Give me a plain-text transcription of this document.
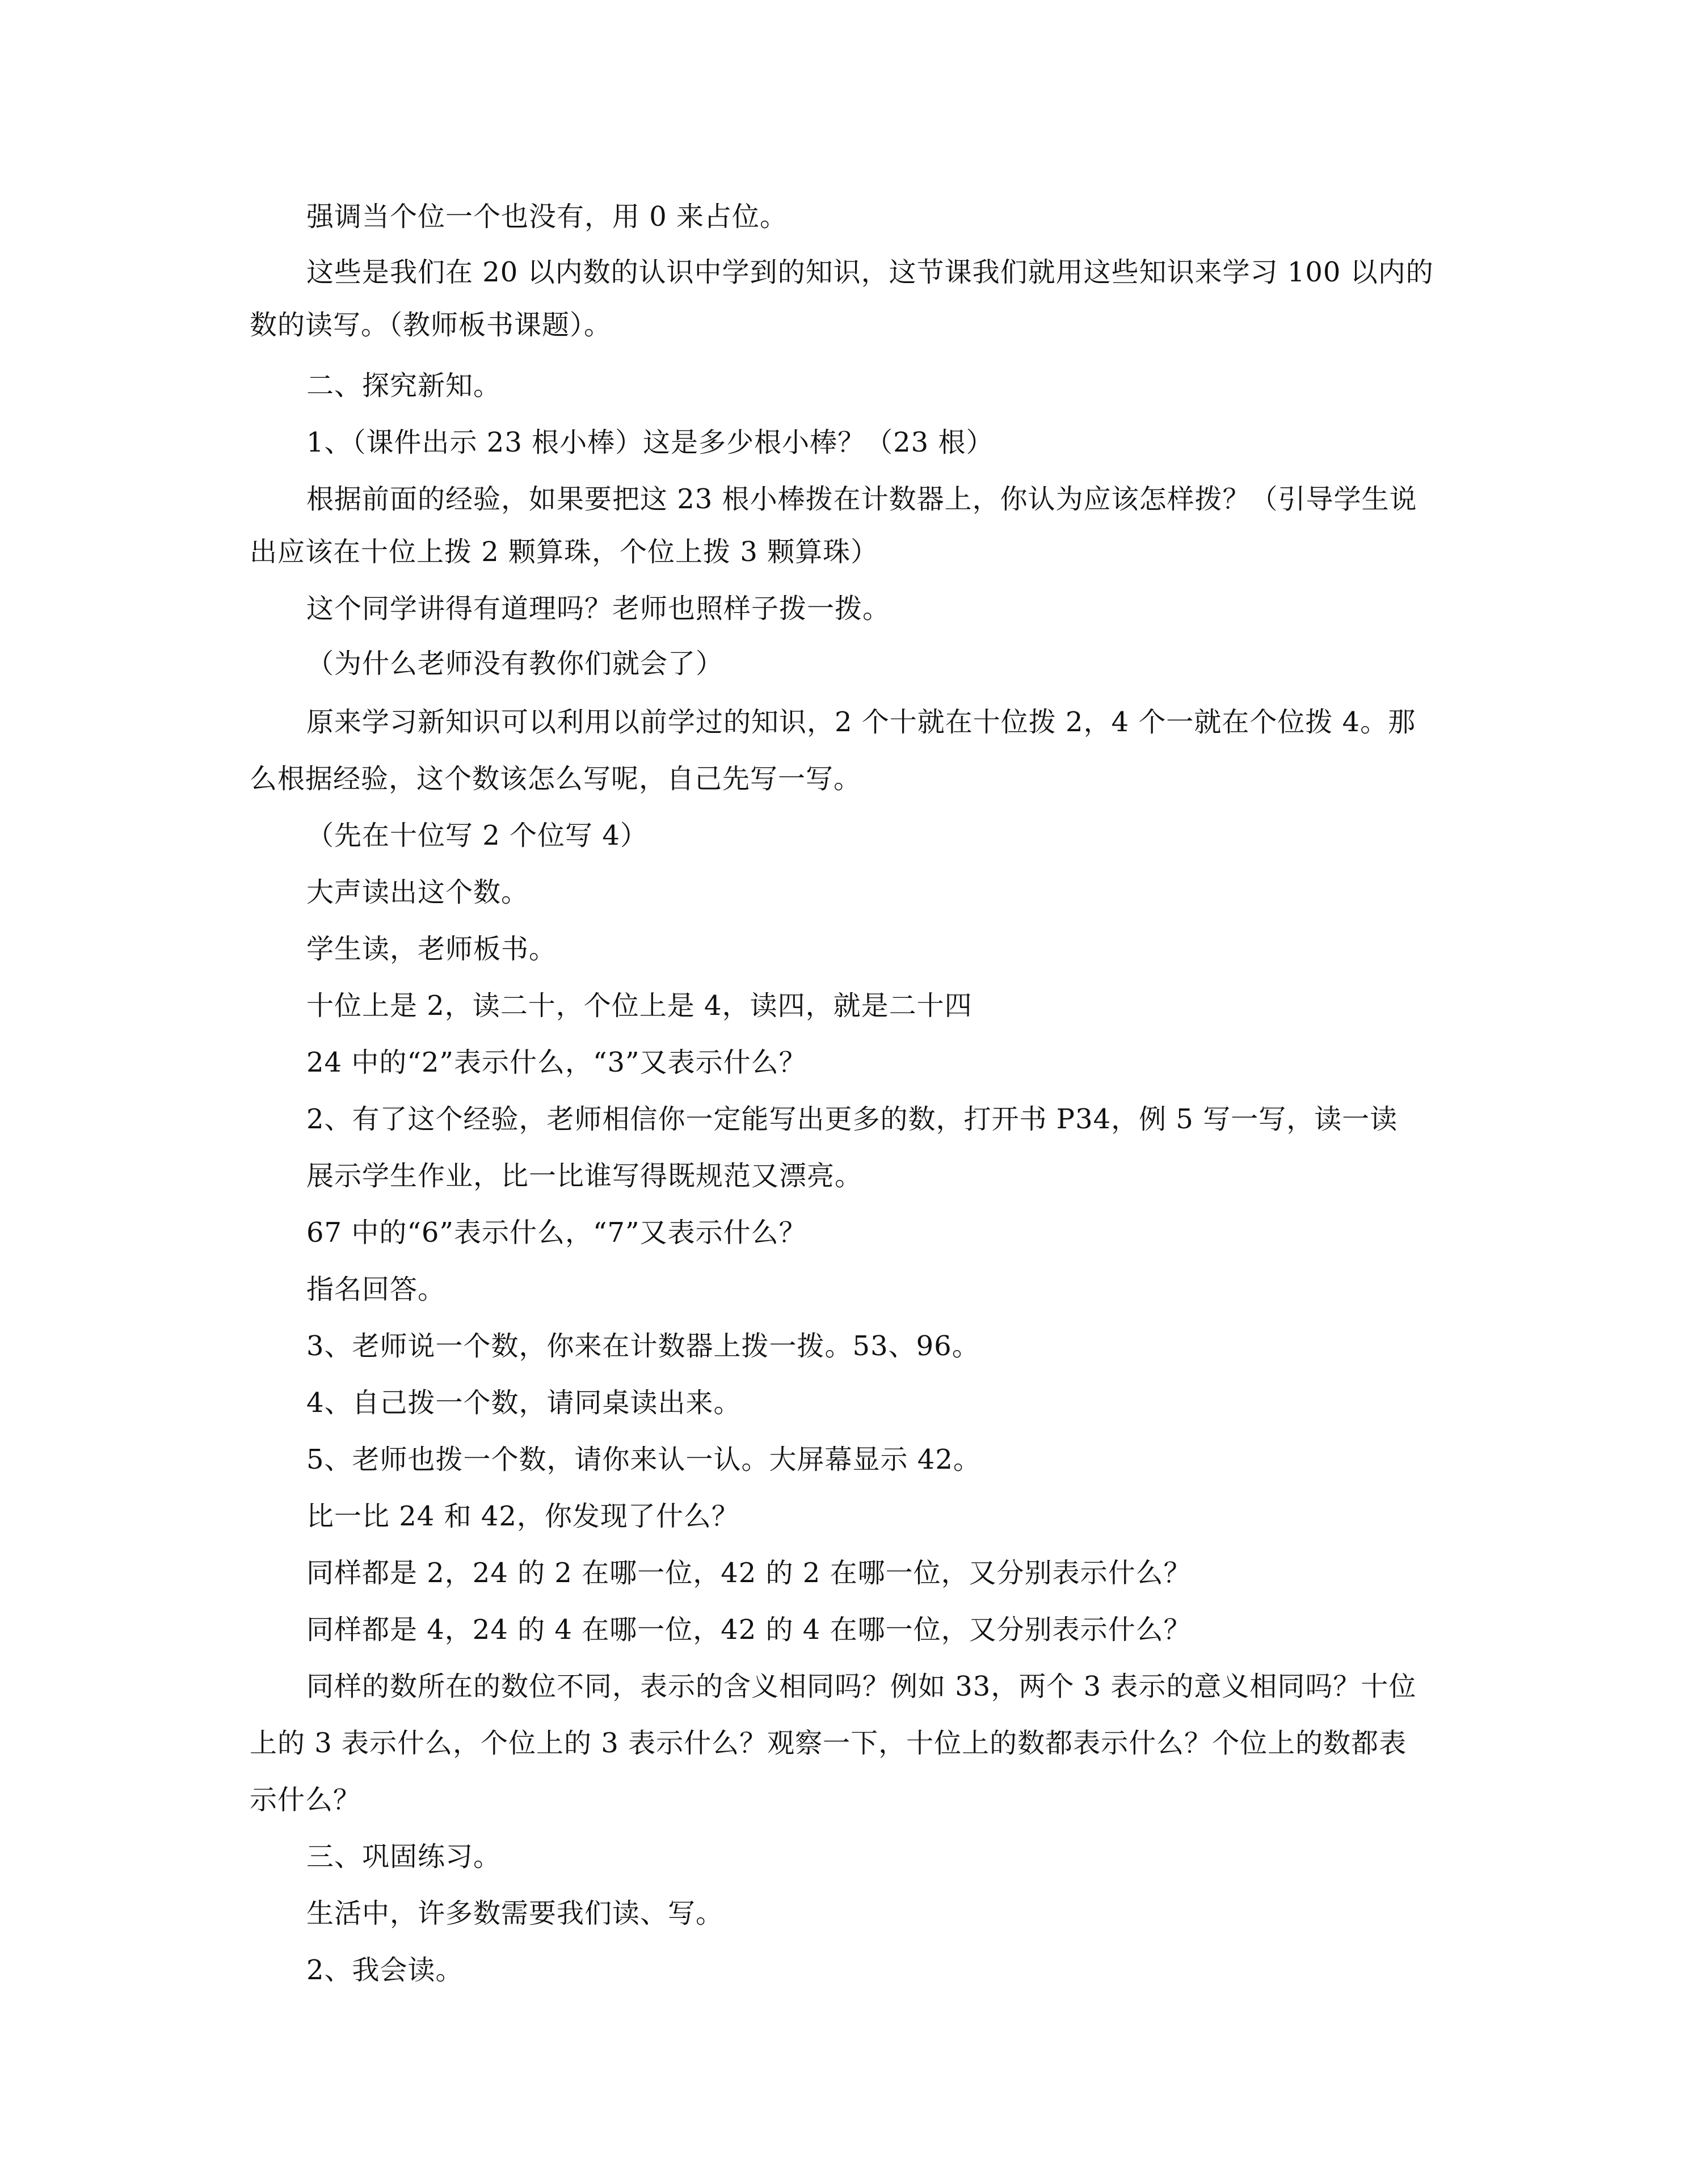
强调当个位一个也没有，用 0 来占位。
这些是我们在 20 以内数的认识中学到的知识，这节课我们就用这些知识来学习 100 以内的
数的读写。（教师板书课题）。
二、探究新知。
1、（课件出示 23 根小棒）这是多少根小棒？（23 根）
根据前面的经验，如果要把这 23 根小棒拨在计数器上，你认为应该怎样拨？（引导学生说
出应该在十位上拨 2 颗算珠，个位上拨 3 颗算珠）
这个同学讲得有道理吗？老师也照样子拨一拨。
（为什么老师没有教你们就会了）
原来学习新知识可以利用以前学过的知识，2 个十就在十位拨 2，4 个一就在个位拨 4。那
么根据经验，这个数该怎么写呢，自己先写一写。
（先在十位写 2 个位写 4）
大声读出这个数。
学生读，老师板书。
十位上是 2，读二十，个位上是 4，读四，就是二十四
24 中的“2”表示什么，“3”又表示什么？
2、有了这个经验，老师相信你一定能写出更多的数，打开书 P34，例 5 写一写，读一读
展示学生作业，比一比谁写得既规范又漂亮。
67 中的“6”表示什么，“7”又表示什么？
指名回答。
3、老师说一个数，你来在计数器上拨一拨。53、96。
4、自己拨一个数，请同桌读出来。
5、老师也拨一个数，请你来认一认。大屏幕显示 42。
比一比 24 和 42，你发现了什么？
同样都是 2，24 的 2 在哪一位，42 的 2 在哪一位，又分别表示什么？
同样都是 4，24 的 4 在哪一位，42 的 4 在哪一位，又分别表示什么？
同样的数所在的数位不同，表示的含义相同吗？例如 33，两个 3 表示的意义相同吗？十位
上的 3 表示什么，个位上的 3 表示什么？观察一下，十位上的数都表示什么？个位上的数都表
示什么？
三、巩固练习。
生活中，许多数需要我们读、写。
2、我会读。
